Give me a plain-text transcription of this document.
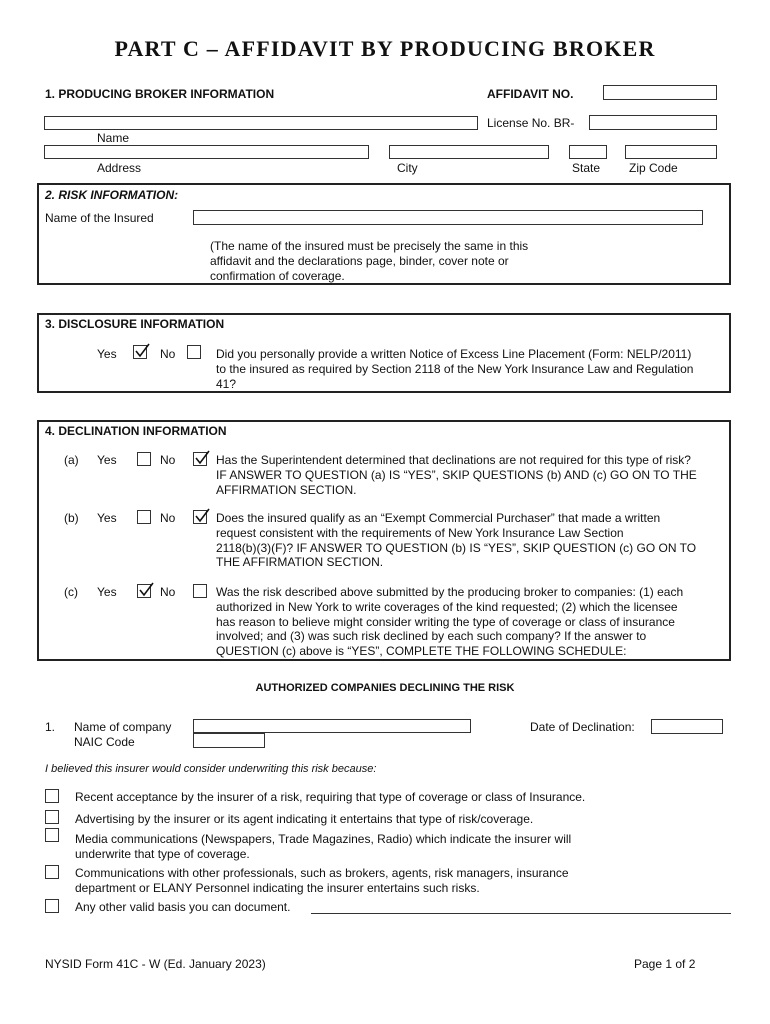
PART C – AFFIDAVIT BY PRODUCING BROKER
1. PRODUCING BROKER INFORMATION	AFFIDAVIT NO.
License No. BR-
Name
Address	City	State Zip Code
2. RISK INFORMATION:
Name of the Insured
(The name of the insured must be precisely the same in this
affidavit and the declarations page, binder, cover note or
confirmation of coverage.
3. DISCLOSURE INFORMATION
Yes	No	Did you personally provide a written Notice of Excess Line Placement (Form: NELP/2011)
to the insured as required by Section 2118 of the New York Insurance Law and Regulation
41?
4. DECLINATION INFORMATION
(a) Yes	No	Has the Superintendent determined that declinations are not required for this type of risk?
IF ANSWER TO QUESTION (a) IS “YES”, SKIP QUESTIONS (b) AND (c) GO ON TO THE
AFFIRMATION SECTION.
(b) Yes	No	Does the insured qualify as an “Exempt Commercial Purchaser” that made a written
request consistent with the requirements of New York Insurance Law Section
2118(b)(3)(F)? IF ANSWER TO QUESTION (b) IS “YES”, SKIP QUESTION (c) GO ON TO
THE AFFIRMATION SECTION.
(c) Yes	No	Was the risk described above submitted by the producing broker to companies: (1) each
authorized in New York to write coverages of the kind requested; (2) which the licensee
has reason to believe might consider writing the type of coverage or class of insurance
involved; and (3) was such risk declined by each such company? If the answer to
QUESTION (c) above is “YES”, COMPLETE THE FOLLOWING SCHEDULE:
AUTHORIZED COMPANIES DECLINING THE RISK
1. Name of company	Date of Declination:
NAIC Code
I believed this insurer would consider underwriting this risk because:
Recent acceptance by the insurer of a risk, requiring that type of coverage or class of Insurance.
Advertising by the insurer or its agent indicating it entertains that type of risk/coverage.
Media communications (Newspapers, Trade Magazines, Radio) which indicate the insurer will
underwrite that type of coverage.
Communications with other professionals, such as brokers, agents, risk managers, insurance
department or ELANY Personnel indicating the insurer entertains such risks.
Any other valid basis you can document.
NYSID Form 41C - W (Ed. January 2023)	Page 1 of 2
